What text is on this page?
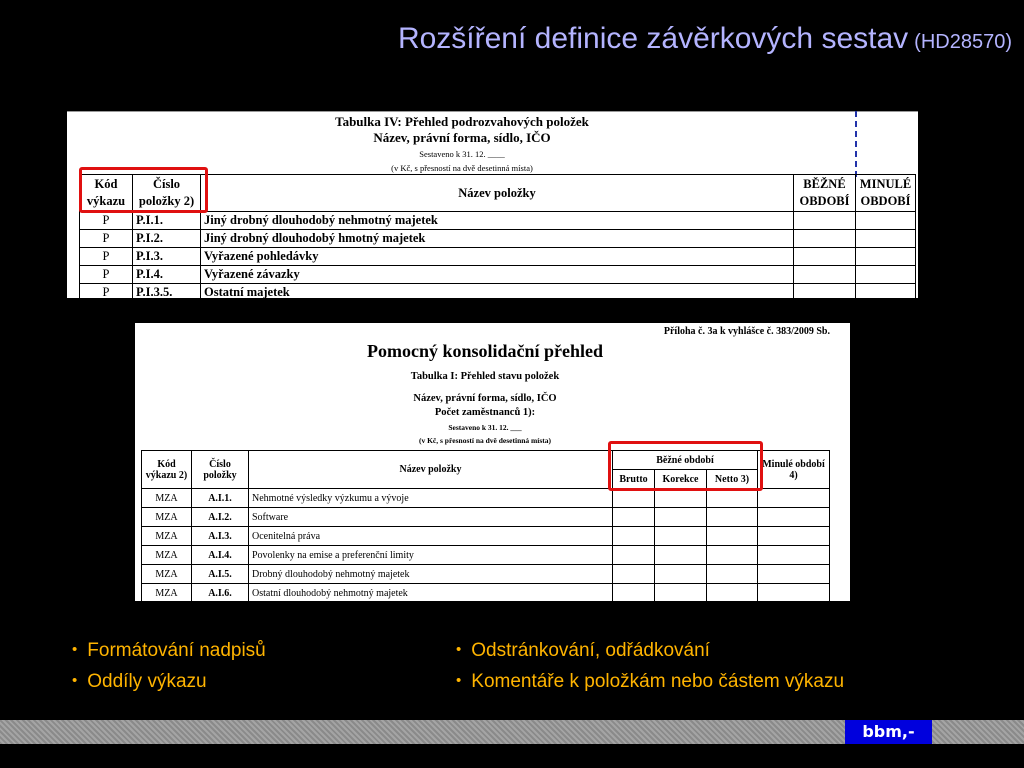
Rozšíření definice závěrkových sestav (HD28570)
Tabulka IV: Přehled podrozvahových položek
Název, právní forma, sídlo, IČO
Sestaveno k 31. 12. ____
(v Kč, s přesností na dvě desetinná místa)
Kód výkazu	Číslo položky 2)	Název položky	BĚŽNÉ OBDOBÍ	MINULÉ OBDOBÍ
P	P.I.1.	Jiný drobný dlouhodobý nehmotný majetek		
P	P.I.2.	Jiný drobný dlouhodobý hmotný majetek		
P	P.I.3.	Vyřazené pohledávky		
P	P.I.4.	Vyřazené závazky		
P	P.I.3.5.	Ostatní majetek		
Příloha č. 3a k vyhlášce č. 383/2009 Sb.
Pomocný konsolidační přehled
Tabulka I: Přehled stavu položek
Název, právní forma, sídlo, IČO
Počet zaměstnanců 1):
Sestaveno k 31. 12. ___
(v Kč, s přesností na dvě desetinná místa)
Kód výkazu 2)	Číslo položky	Název položky	Běžné období			Minulé období 4)
			Brutto	Korekce	Netto 3)	
MZA	A.I.1.	Nehmotné výsledky výzkumu a vývoje				
MZA	A.I.2.	Software				
MZA	A.I.3.	Ocenitelná práva				
MZA	A.I.4.	Povolenky na emise a preferenční limity				
MZA	A.I.5.	Drobný dlouhodobý nehmotný majetek				
MZA	A.I.6.	Ostatní dlouhodobý nehmotný majetek				
• Formátování nadpisů
• Oddíly výkazu
• Odstránkování, odřádkování
• Komentáře k položkám nebo částem výkazu
bbm,-
